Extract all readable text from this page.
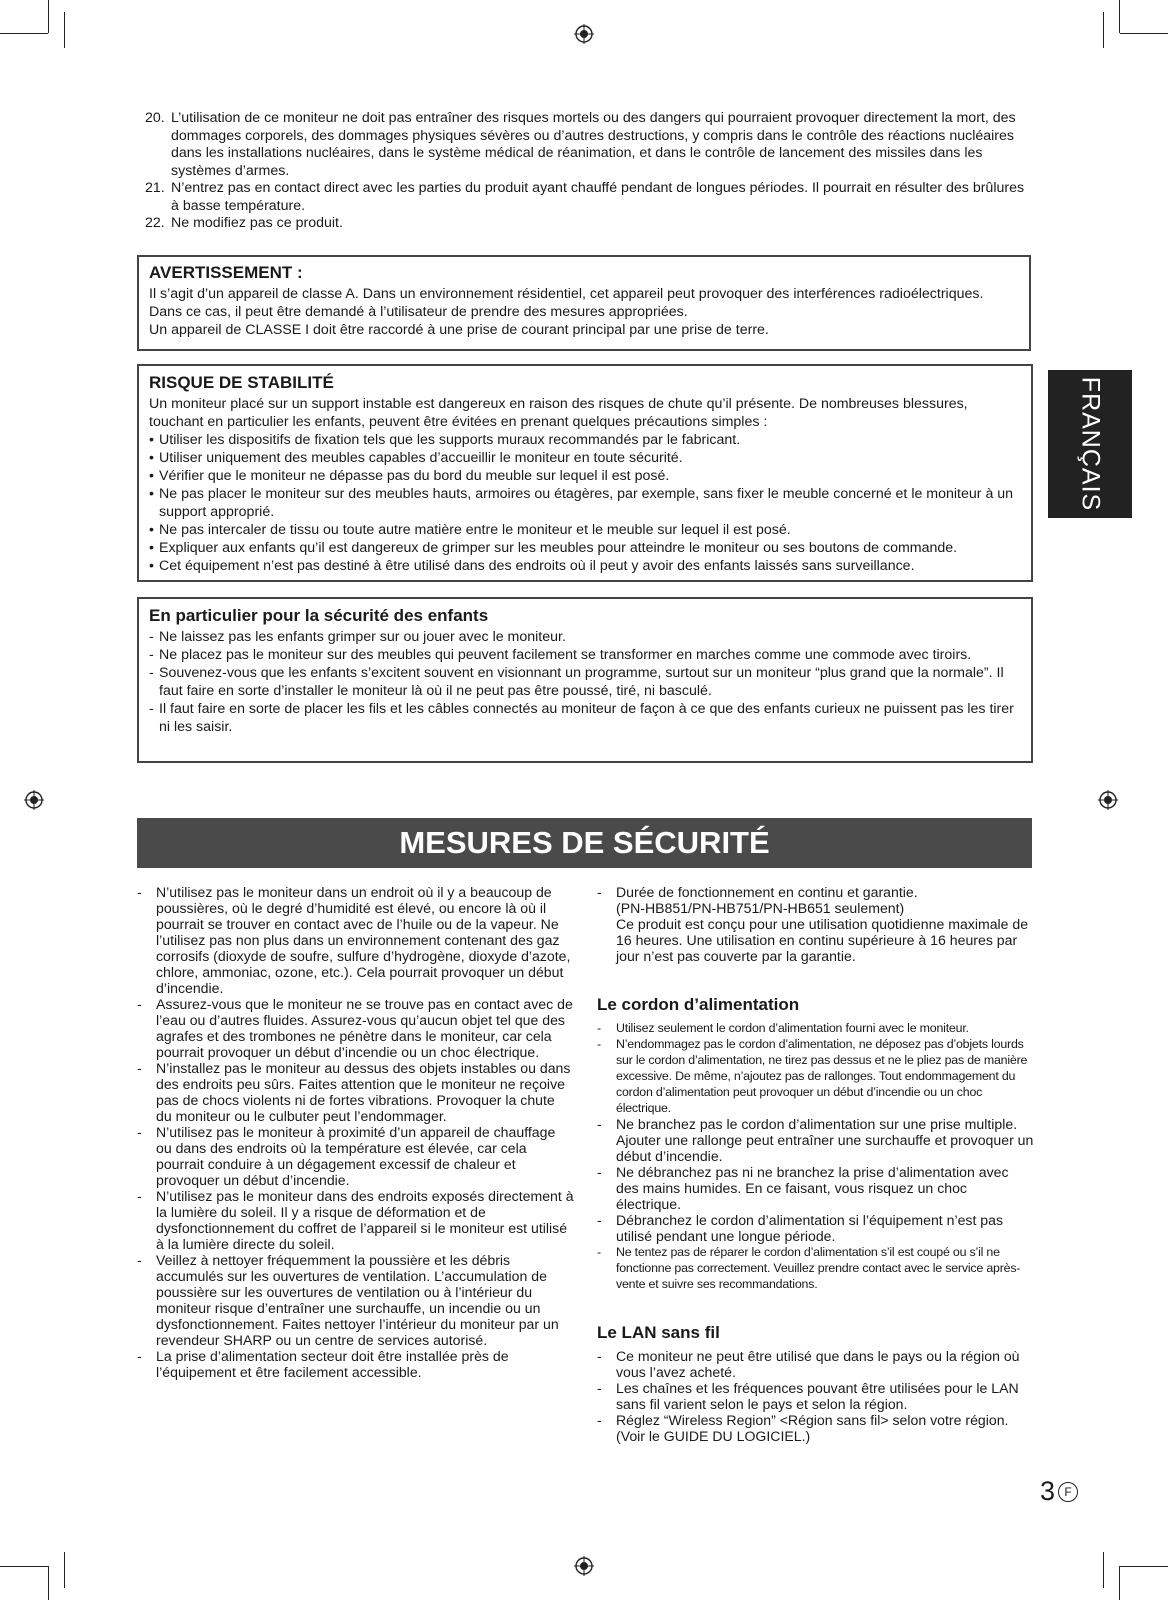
20. L’utilisation de ce moniteur ne doit pas entraîner des risques mortels ou des dangers qui pourraient provoquer directement la mort, des dommages corporels, des dommages physiques sévères ou d’autres destructions, y compris dans le contrôle des réactions nucléaires dans les installations nucléaires, dans le système médical de réanimation, et dans le contrôle de lancement des missiles dans les systèmes d’armes.
21. N’entrez pas en contact direct avec les parties du produit ayant chauffé pendant de longues périodes. Il pourrait en résulter des brûlures à basse température.
22. Ne modifiez pas ce produit.
AVERTISSEMENT :
Il s’agit d’un appareil de classe A. Dans un environnement résidentiel, cet appareil peut provoquer des interférences radioélectriques. Dans ce cas, il peut être demandé à l’utilisateur de prendre des mesures appropriées.
Un appareil de CLASSE I doit être raccordé à une prise de courant principal par une prise de terre.
RISQUE DE STABILITÉ
Un moniteur placé sur un support instable est dangereux en raison des risques de chute qu’il présente. De nombreuses blessures, touchant en particulier les enfants, peuvent être évitées en prenant quelques précautions simples :
• Utiliser les dispositifs de fixation tels que les supports muraux recommandés par le fabricant.
• Utiliser uniquement des meubles capables d’accueillir le moniteur en toute sécurité.
• Vérifier que le moniteur ne dépasse pas du bord du meuble sur lequel il est posé.
• Ne pas placer le moniteur sur des meubles hauts, armoires ou étagères, par exemple, sans fixer le meuble concerné et le moniteur à un support approprié.
• Ne pas intercaler de tissu ou toute autre matière entre le moniteur et le meuble sur lequel il est posé.
• Expliquer aux enfants qu’il est dangereux de grimper sur les meubles pour atteindre le moniteur ou ses boutons de commande.
• Cet équipement n’est pas destiné à être utilisé dans des endroits où il peut y avoir des enfants laissés sans surveillance.
En particulier pour la sécurité des enfants
- Ne laissez pas les enfants grimper sur ou jouer avec le moniteur.
- Ne placez pas le moniteur sur des meubles qui peuvent facilement se transformer en marches comme une commode avec tiroirs.
- Souvenez-vous que les enfants s’excitent souvent en visionnant un programme, surtout sur un moniteur “plus grand que la normale”. Il faut faire en sorte d’installer le moniteur là où il ne peut pas être poussé, tiré, ni basculé.
- Il faut faire en sorte de placer les fils et les câbles connectés au moniteur de façon à ce que des enfants curieux ne puissent pas les tirer ni les saisir.
MESURES DE SÉCURITÉ
-	N’utilisez pas le moniteur dans un endroit où il y a beaucoup de poussières, où le degré d’humidité est élevé, ou encore là où il pourrait se trouver en contact avec de l’huile ou de la vapeur. Ne l’utilisez pas non plus dans un environnement contenant des gaz corrosifs (dioxyde de soufre, sulfure d’hydrogène, dioxyde d’azote, chlore, ammoniac, ozone, etc.). Cela pourrait provoquer un début d’incendie.
-	Assurez-vous que le moniteur ne se trouve pas en contact avec de l’eau ou d’autres fluides. Assurez-vous qu’aucun objet tel que des agrafes et des trombones ne pénètre dans le moniteur, car cela pourrait provoquer un début d’incendie ou un choc électrique.
-	N’installez pas le moniteur au dessus des objets instables ou dans des endroits peu sûrs. Faites attention que le moniteur ne reçoive pas de chocs violents ni de fortes vibrations. Provoquer la chute du moniteur ou le culbuter peut l’endommager.
-	N’utilisez pas le moniteur à proximité d’un appareil de chauffage ou dans des endroits où la température est élevée, car cela pourrait conduire à un dégagement excessif de chaleur et provoquer un début d’incendie.
-	N’utilisez pas le moniteur dans des endroits exposés directement à la lumière du soleil. Il y a risque de déformation et de dysfonctionnement du coffret de l’appareil si le moniteur est utilisé à la lumière directe du soleil.
-	Veillez à nettoyer fréquemment la poussière et les débris accumulés sur les ouvertures de ventilation. L’accumulation de poussière sur les ouvertures de ventilation ou à l’intérieur du moniteur risque d’entraîner une surchauffe, un incendie ou un dysfonctionnement. Faites nettoyer l’intérieur du moniteur par un revendeur SHARP ou un centre de services autorisé.
-	La prise d’alimentation secteur doit être installée près de l’équipement et être facilement accessible.
-	Durée de fonctionnement en continu et garantie.
(PN-HB851/PN-HB751/PN-HB651 seulement)
Ce produit est conçu pour une utilisation quotidienne maximale de 16 heures. Une utilisation en continu supérieure à 16 heures par jour n’est pas couverte par la garantie.
Le cordon d’alimentation
-	Utilisez seulement le cordon d’alimentation fourni avec le moniteur.
-	N’endommagez pas le cordon d’alimentation, ne déposez pas d’objets lourds sur le cordon d’alimentation, ne tirez pas dessus et ne le pliez pas de manière excessive. De même, n’ajoutez pas de rallonges. Tout endommagement du cordon d’alimentation peut provoquer un début d’incendie ou un choc électrique.
-	Ne branchez pas le cordon d’alimentation sur une prise multiple. Ajouter une rallonge peut entraîner une surchauffe et provoquer un début d’incendie.
-	Ne débranchez pas ni ne branchez la prise d’alimentation avec des mains humides. En ce faisant, vous risquez un choc électrique.
-	Débranchez le cordon d’alimentation si l’équipement n’est pas utilisé pendant une longue période.
-	Ne tentez pas de réparer le cordon d’alimentation s’il est coupé ou s’il ne fonctionne pas correctement. Veuillez prendre contact avec le service après-vente et suivre ses recommandations.
Le LAN sans fil
-	Ce moniteur ne peut être utilisé que dans le pays ou la région où vous l’avez acheté.
-	Les chaînes et les fréquences pouvant être utilisées pour le LAN sans fil varient selon le pays et selon la région.
-	Réglez “Wireless Region” <Région sans fil> selon votre région. (Voir le GUIDE DU LOGICIEL.)
FRANÇAIS
3 F
